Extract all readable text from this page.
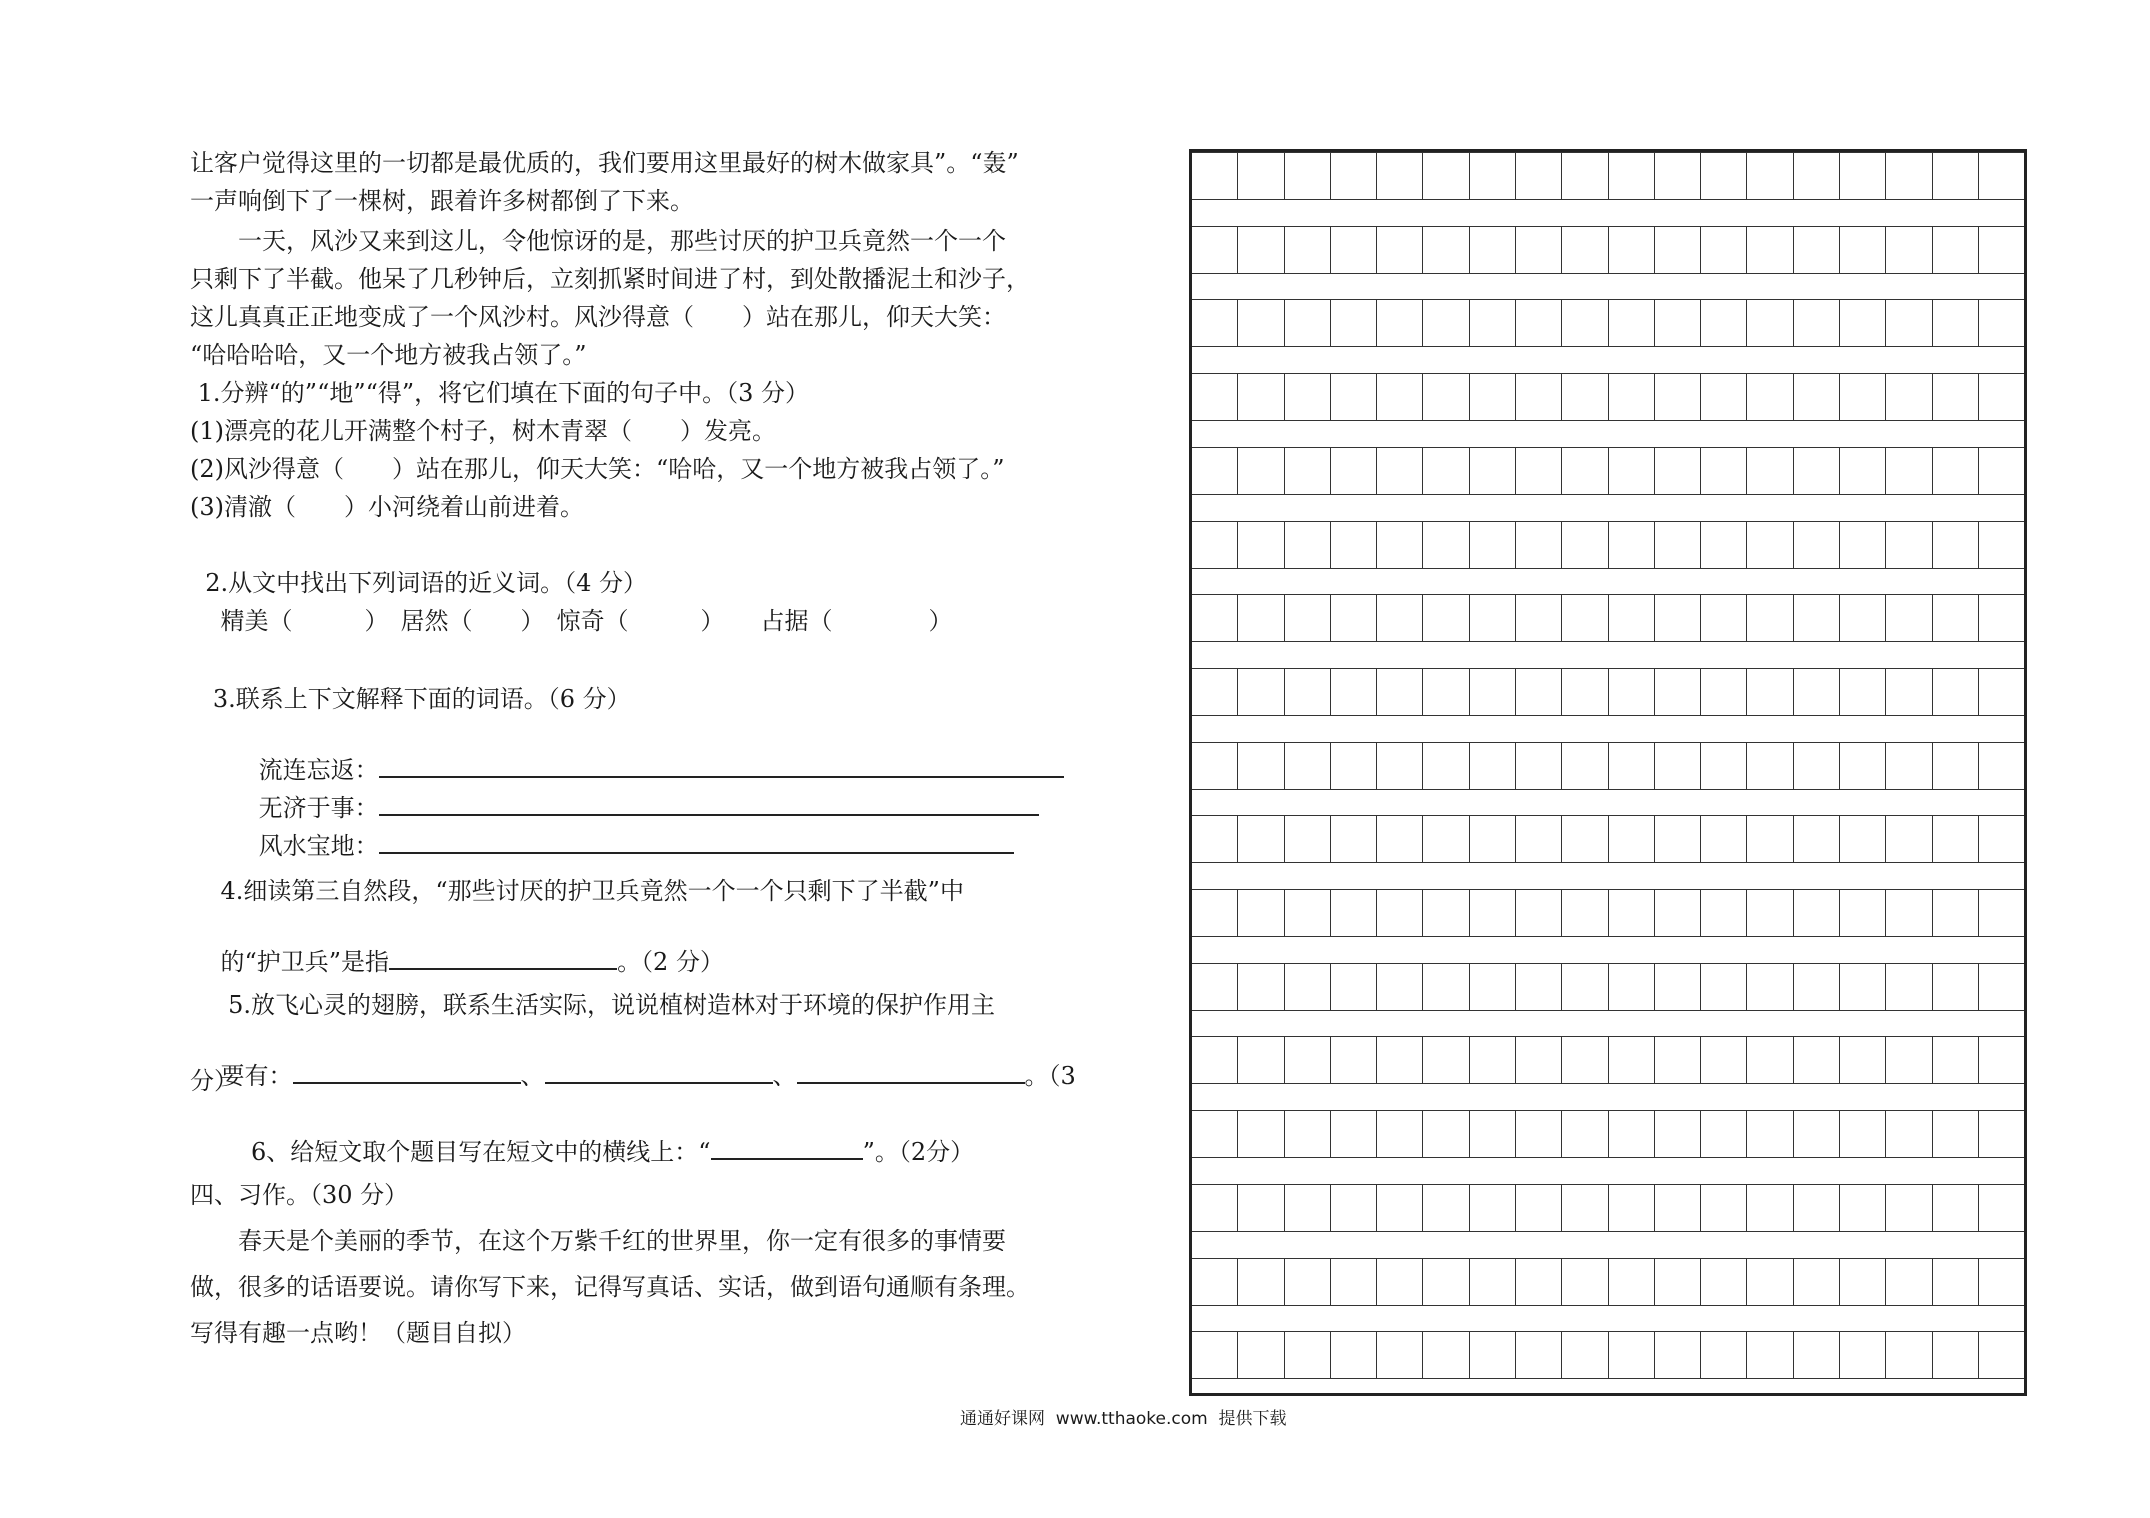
让客户觉得这里的一切都是最优质的，我们要用这里最好的树木做家具”。“轰”
一声响倒下了一棵树，跟着许多树都倒了下来。
　　一天，风沙又来到这儿，令他惊讶的是，那些讨厌的护卫兵竟然一个一个
只剩下了半截。他呆了几秒钟后，立刻抓紧时间进了村，到处散播泥土和沙子，
这儿真真正正地变成了一个风沙村。风沙得意（　　）站在那儿，仰天大笑：
“哈哈哈哈，又一个地方被我占领了。”
1.分辨“的”“地”“得”，将它们填在下面的句子中。（3 分）
(1)漂亮的花儿开满整个村子，树木青翠（　　）发亮。
(2)风沙得意（　　）站在那儿，仰天大笑：“哈哈，又一个地方被我占领了。”
(3)清澈（　　）小河绕着山前进着。
2.从文中找出下列词语的近义词。（4 分）
精美（　　　）　居然（　　）　惊奇（　　　）　　占据（　　　　）
3.联系上下文解释下面的词语。（6 分）

流连忘返：

无济于事：

风水宝地：

4.细读第三自然段，“那些讨厌的护卫兵竟然一个一个只剩下了半截”中

的“护卫兵”是指	。（2 分）

5.放飞心灵的翅膀，联系生活实际，说说植树造林对于环境的保护作用主

要有：	、	、	。（3

分）

6、给短文取个题目写在短文中的横线上：“	”。（2分）

四、习作。（30 分）
　　春天是个美丽的季节，在这个万紫千红的世界里，你一定有很多的事情要
做，很多的话语要说。请你写下来，记得写真话、实话，做到语句通顺有条理。
写得有趣一点哟！（题目自拟）
通通好课网  www.tthaoke.com  提供下载
